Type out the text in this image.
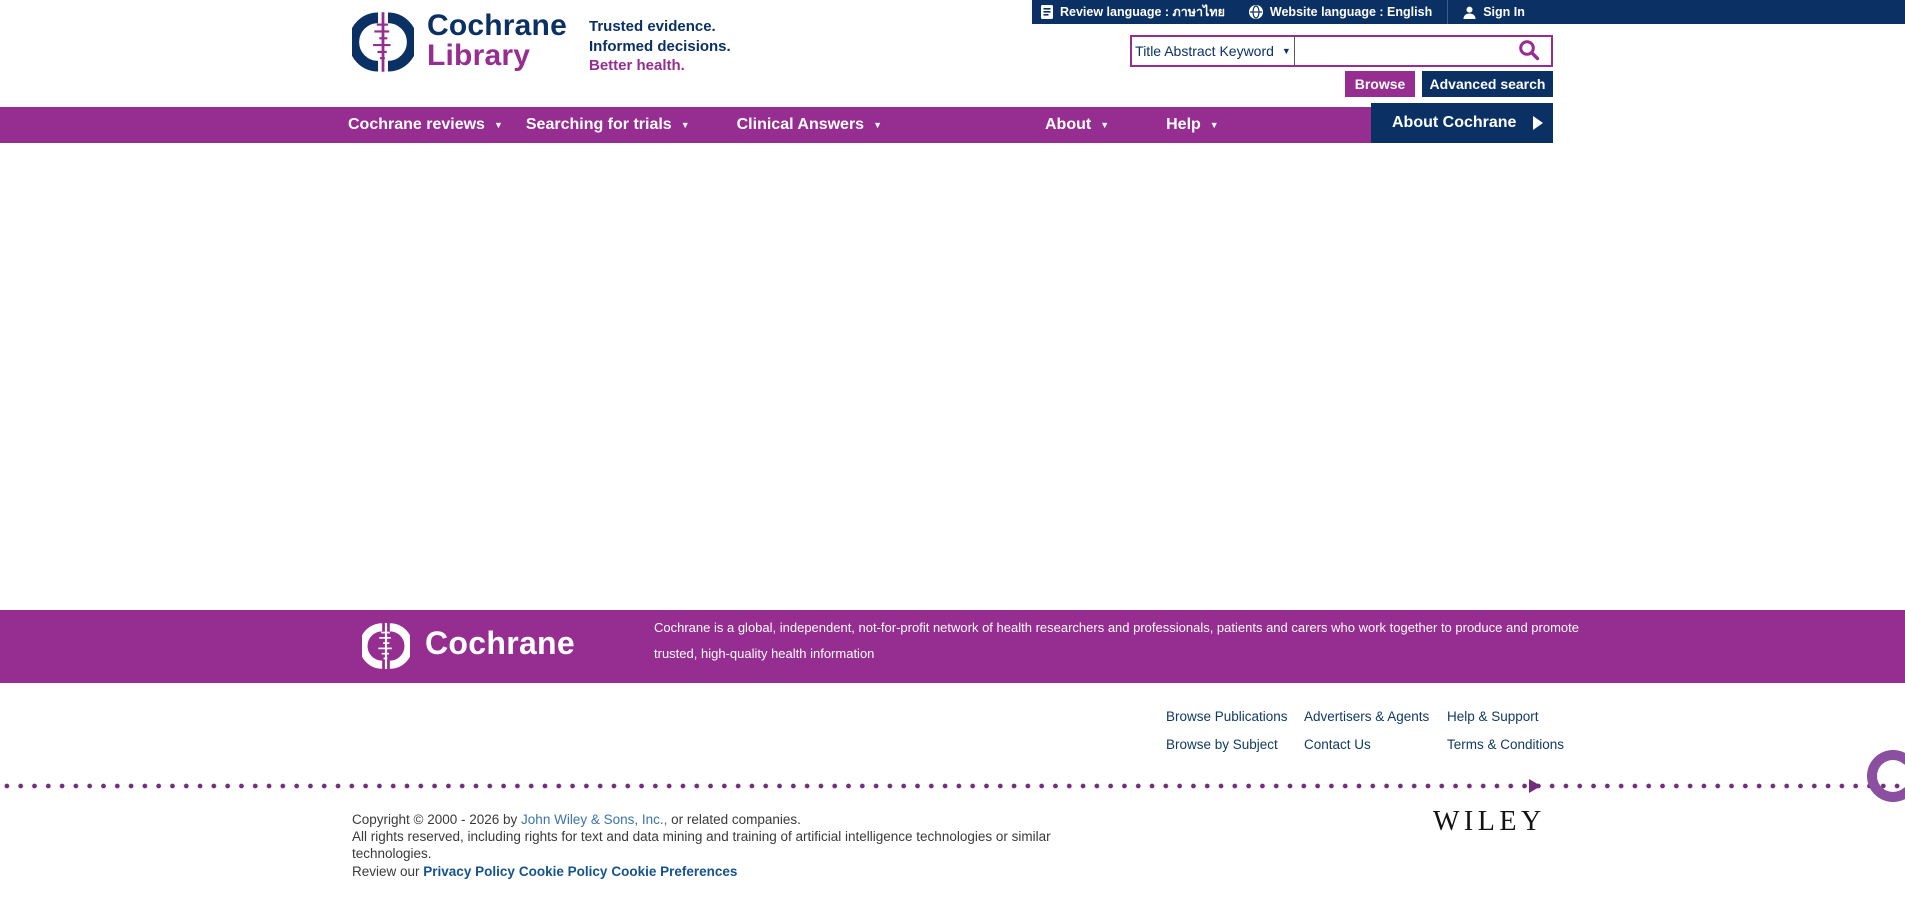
Review language : ภาษาไทย	Website language : English	Sign In
Cochrane
Library
Trusted evidence.
Informed decisions.
Better health.
Title Abstract Keyword ▼
Browse	Advanced search
Cochrane reviews ▼ Searching for trials ▼	Clinical Answers ▼	About ▼	Help ▼	About Cochrane
Cochrane	Cochrane is a global, independent, not-for-profit network of health researchers and professionals, patients and carers who work together to produce and promote
trusted, high-quality health information
Browse Publications	Advertisers & Agents	Help & Support
Browse by Subject	Contact Us	Terms & Conditions
Copyright © 2000 - 2026 by John Wiley & Sons, Inc., or related companies.
All rights reserved, including rights for text and data mining and training of artificial intelligence technologies or similar
technologies.
Review our Privacy Policy Cookie Policy Cookie Preferences
WILEY
